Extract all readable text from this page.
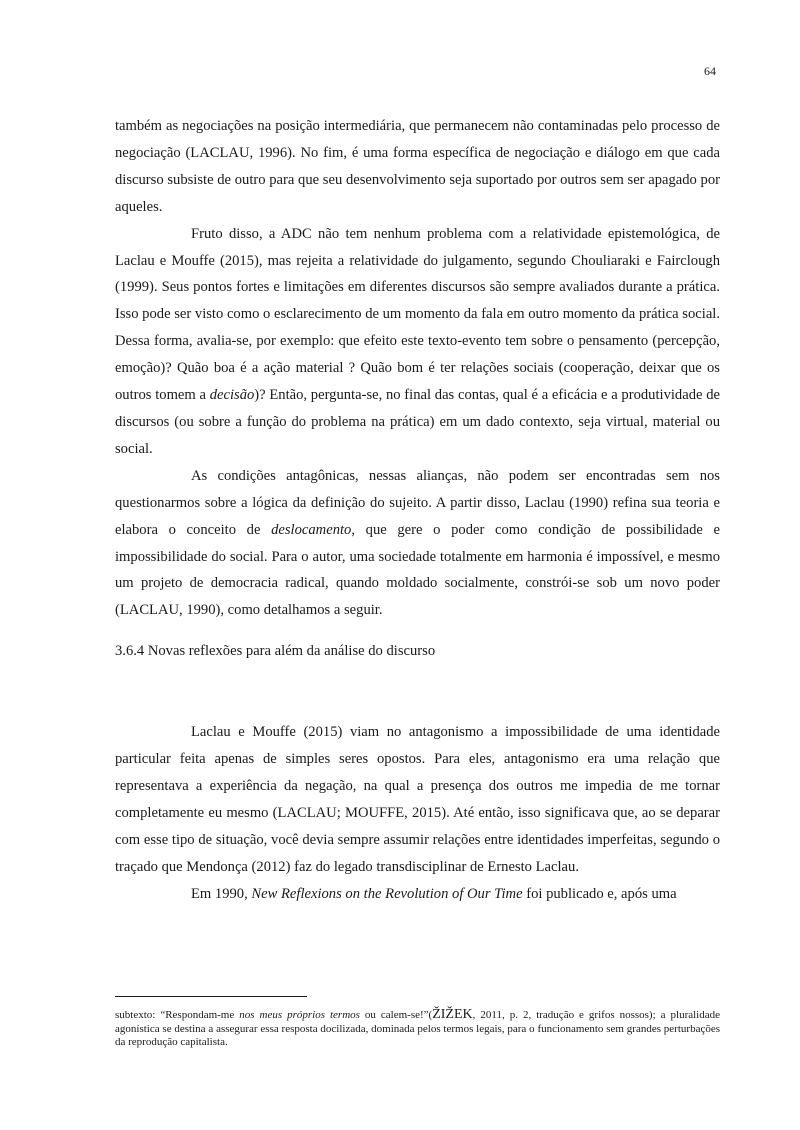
64

também as negociações na posição intermediária, que permanecem não contaminadas pelo processo de negociação (LACLAU, 1996). No fim, é uma forma específica de negociação e diálogo em que cada discurso subsiste de outro para que seu desenvolvimento seja suportado por outros sem ser apagado por aqueles.

Fruto disso, a ADC não tem nenhum problema com a relatividade epistemológica, de Laclau e Mouffe (2015), mas rejeita a relatividade do julgamento, segundo Chouliaraki e Fairclough (1999). Seus pontos fortes e limitações em diferentes discursos são sempre avaliados durante a prática. Isso pode ser visto como o esclarecimento de um momento da fala em outro momento da prática social. Dessa forma, avalia-se, por exemplo: que efeito este texto-evento tem sobre o pensamento (percepção, emoção)? Quão boa é a ação material ? Quão bom é ter relações sociais (cooperação, deixar que os outros tomem a decisão)? Então, pergunta-se, no final das contas, qual é a eficácia e a produtividade de discursos (ou sobre a função do problema na prática) em um dado contexto, seja virtual, material ou social.

As condições antagônicas, nessas alianças, não podem ser encontradas sem nos questionarmos sobre a lógica da definição do sujeito. A partir disso, Laclau (1990) refina sua teoria e elabora o conceito de deslocamento, que gere o poder como condição de possibilidade e impossibilidade do social. Para o autor, uma sociedade totalmente em harmonia é impossível, e mesmo um projeto de democracia radical, quando moldado socialmente, constrói-se sob um novo poder (LACLAU, 1990), como detalhamos a seguir.

3.6.4 Novas reflexões para além da análise do discurso

Laclau e Mouffe (2015) viam no antagonismo a impossibilidade de uma identidade particular feita apenas de simples seres opostos. Para eles, antagonismo era uma relação que representava a experiência da negação, na qual a presença dos outros me impedia de me tornar completamente eu mesmo (LACLAU; MOUFFE, 2015). Até então, isso significava que, ao se deparar com esse tipo de situação, você devia sempre assumir relações entre identidades imperfeitas, segundo o traçado que Mendonça (2012) faz do legado transdisciplinar de Ernesto Laclau.

Em 1990, New Reflexions on the Revolution of Our Time foi publicado e, após uma

subtexto: “Respondam-me nos meus próprios termos ou calem-se!”(ŽIŽEK, 2011, p. 2, tradução e grifos nossos); a pluralidade agonística se destina a assegurar essa resposta docilizada, dominada pelos termos legais, para o funcionamento sem grandes perturbações da reprodução capitalista.
